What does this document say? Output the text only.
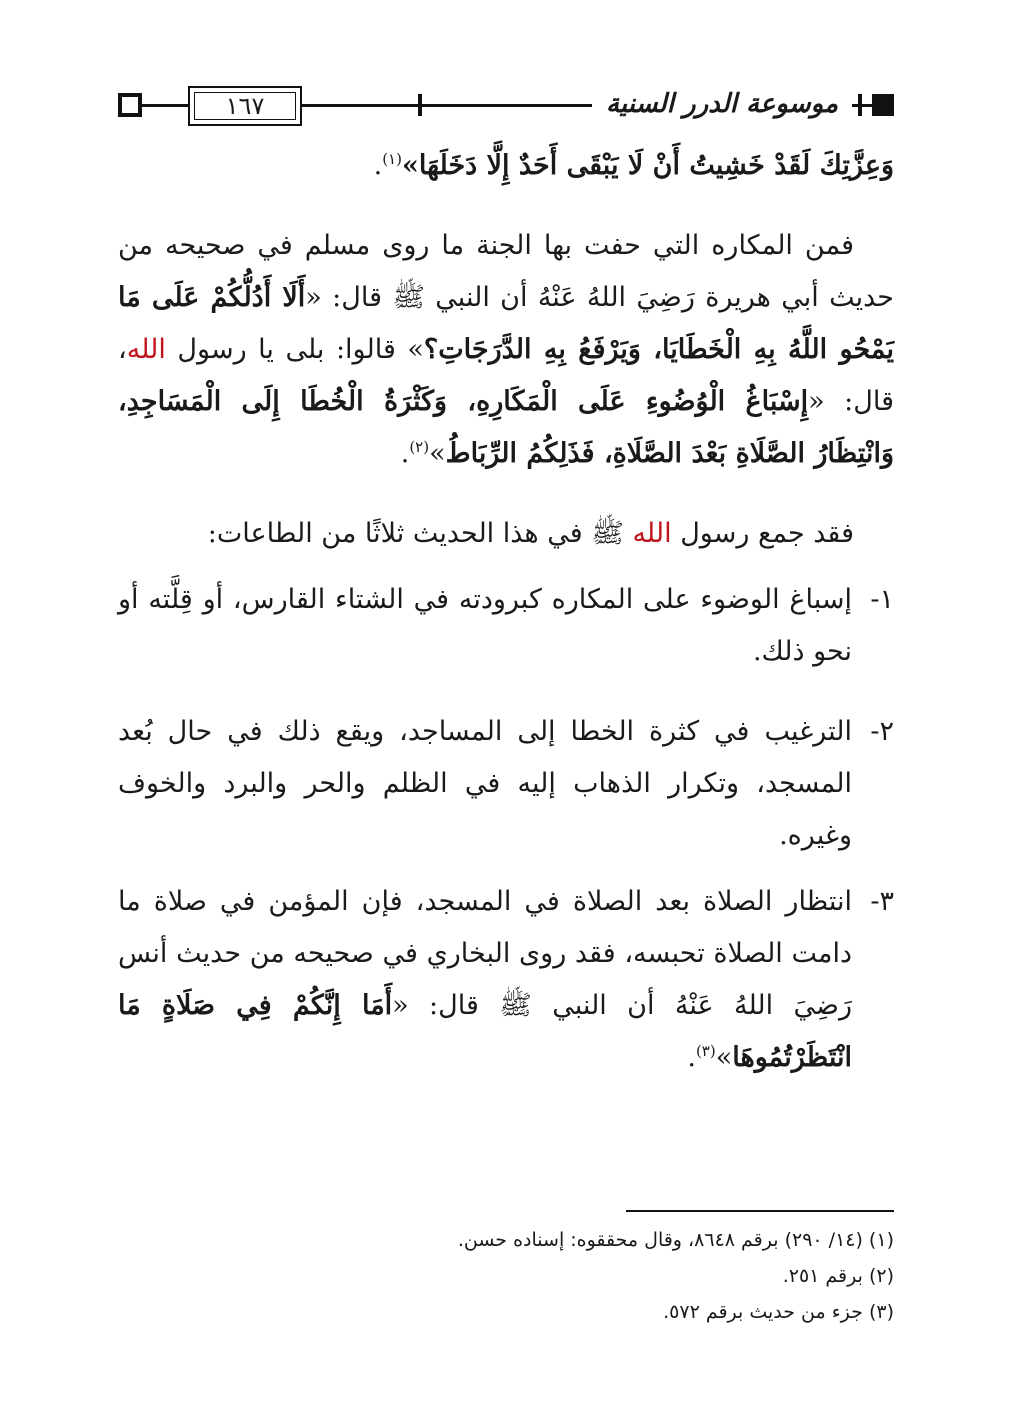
١٦٧	موسوعة الدرر السنية

وَعِزَّتِكَ لَقَدْ خَشِيتُ أَنْ لَا يَبْقَى أَحَدٌ إِلَّا دَخَلَهَا»$^{(١)}$.

فمن المكاره التي حفت بها الجنة ما روى مسلم في صحيحه من حديث أبي هريرة رَضِيَ اللهُ عَنْهُ أن النبي ﷺ قال: «أَلَا أَدُلُّكُمْ عَلَى مَا يَمْحُو اللَّهُ بِهِ الْخَطَايَا، وَيَرْفَعُ بِهِ الدَّرَجَاتِ؟» قالوا: بلى يا رسول الله، قال: «إِسْبَاغُ الْوُضُوءِ عَلَى الْمَكَارِهِ، وَكَثْرَةُ الْخُطَا إِلَى الْمَسَاجِدِ، وَانْتِظَارُ الصَّلَاةِ بَعْدَ الصَّلَاةِ، فَذَلِكُمُ الرِّبَاطُ»$^{(٢)}$.

فقد جمع رسول الله ﷺ في هذا الحديث ثلاثًا من الطاعات:

١-
إسباغ الوضوء على المكاره كبرودته في الشتاء القارس، أو قِلَّته أو نحو ذلك.
٢-
الترغيب في كثرة الخطا إلى المساجد، ويقع ذلك في حال بُعد المسجد، وتكرار الذهاب إليه في الظلم والحر والبرد والخوف وغيره.
٣-
انتظار الصلاة بعد الصلاة في المسجد، فإن المؤمن في صلاة ما دامت الصلاة تحبسه، فقد روى البخاري في صحيحه من حديث أنس رَضِيَ اللهُ عَنْهُ أن النبي ﷺ قال: «أَمَا إِنَّكُمْ فِي صَلَاةٍ مَا انْتَظَرْتُمُوهَا»$^{(٣)}$.
(١) (١٤/ ٢٩٠) برقم ٨٦٤٨، وقال محققوه: إسناده حسن.
(٢) برقم ٢٥١.
(٣) جزء من حديث برقم ٥٧٢.
